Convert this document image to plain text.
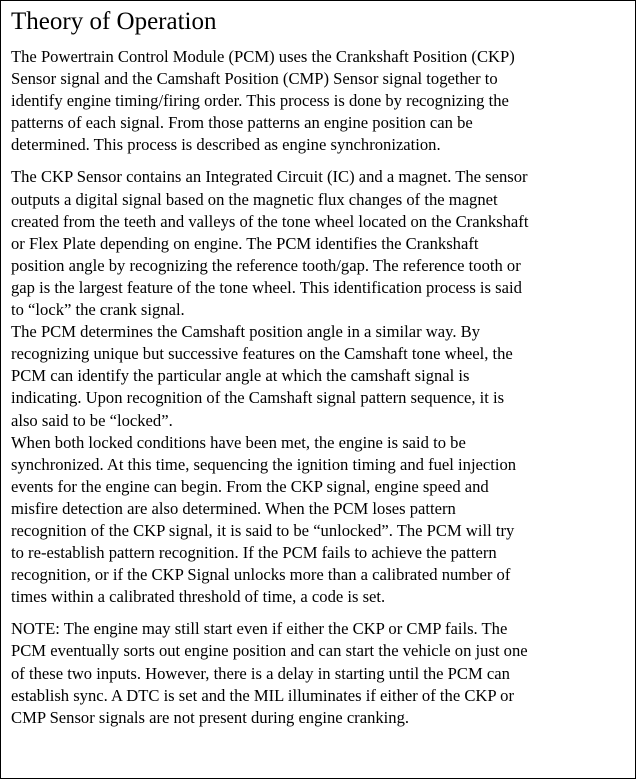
Theory of Operation

The Powertrain Control Module (PCM) uses the Crankshaft Position (CKP)
Sensor signal and the Camshaft Position (CMP) Sensor signal together to
identify engine timing/firing order. This process is done by recognizing the
patterns of each signal. From those patterns an engine position can be
determined. This process is described as engine synchronization.

The CKP Sensor contains an Integrated Circuit (IC) and a magnet. The sensor
outputs a digital signal based on the magnetic flux changes of the magnet
created from the teeth and valleys of the tone wheel located on the Crankshaft
or Flex Plate depending on engine. The PCM identifies the Crankshaft
position angle by recognizing the reference tooth/gap. The reference tooth or
gap is the largest feature of the tone wheel. This identification process is said
to “lock” the crank signal.

The PCM determines the Camshaft position angle in a similar way. By
recognizing unique but successive features on the Camshaft tone wheel, the
PCM can identify the particular angle at which the camshaft signal is
indicating. Upon recognition of the Camshaft signal pattern sequence, it is
also said to be “locked”.

When both locked conditions have been met, the engine is said to be
synchronized. At this time, sequencing the ignition timing and fuel injection
events for the engine can begin. From the CKP signal, engine speed and
misfire detection are also determined. When the PCM loses pattern
recognition of the CKP signal, it is said to be “unlocked”. The PCM will try
to re-establish pattern recognition. If the PCM fails to achieve the pattern
recognition, or if the CKP Signal unlocks more than a calibrated number of
times within a calibrated threshold of time, a code is set.

NOTE: The engine may still start even if either the CKP or CMP fails. The
PCM eventually sorts out engine position and can start the vehicle on just one
of these two inputs. However, there is a delay in starting until the PCM can
establish sync. A DTC is set and the MIL illuminates if either of the CKP or
CMP Sensor signals are not present during engine cranking.
